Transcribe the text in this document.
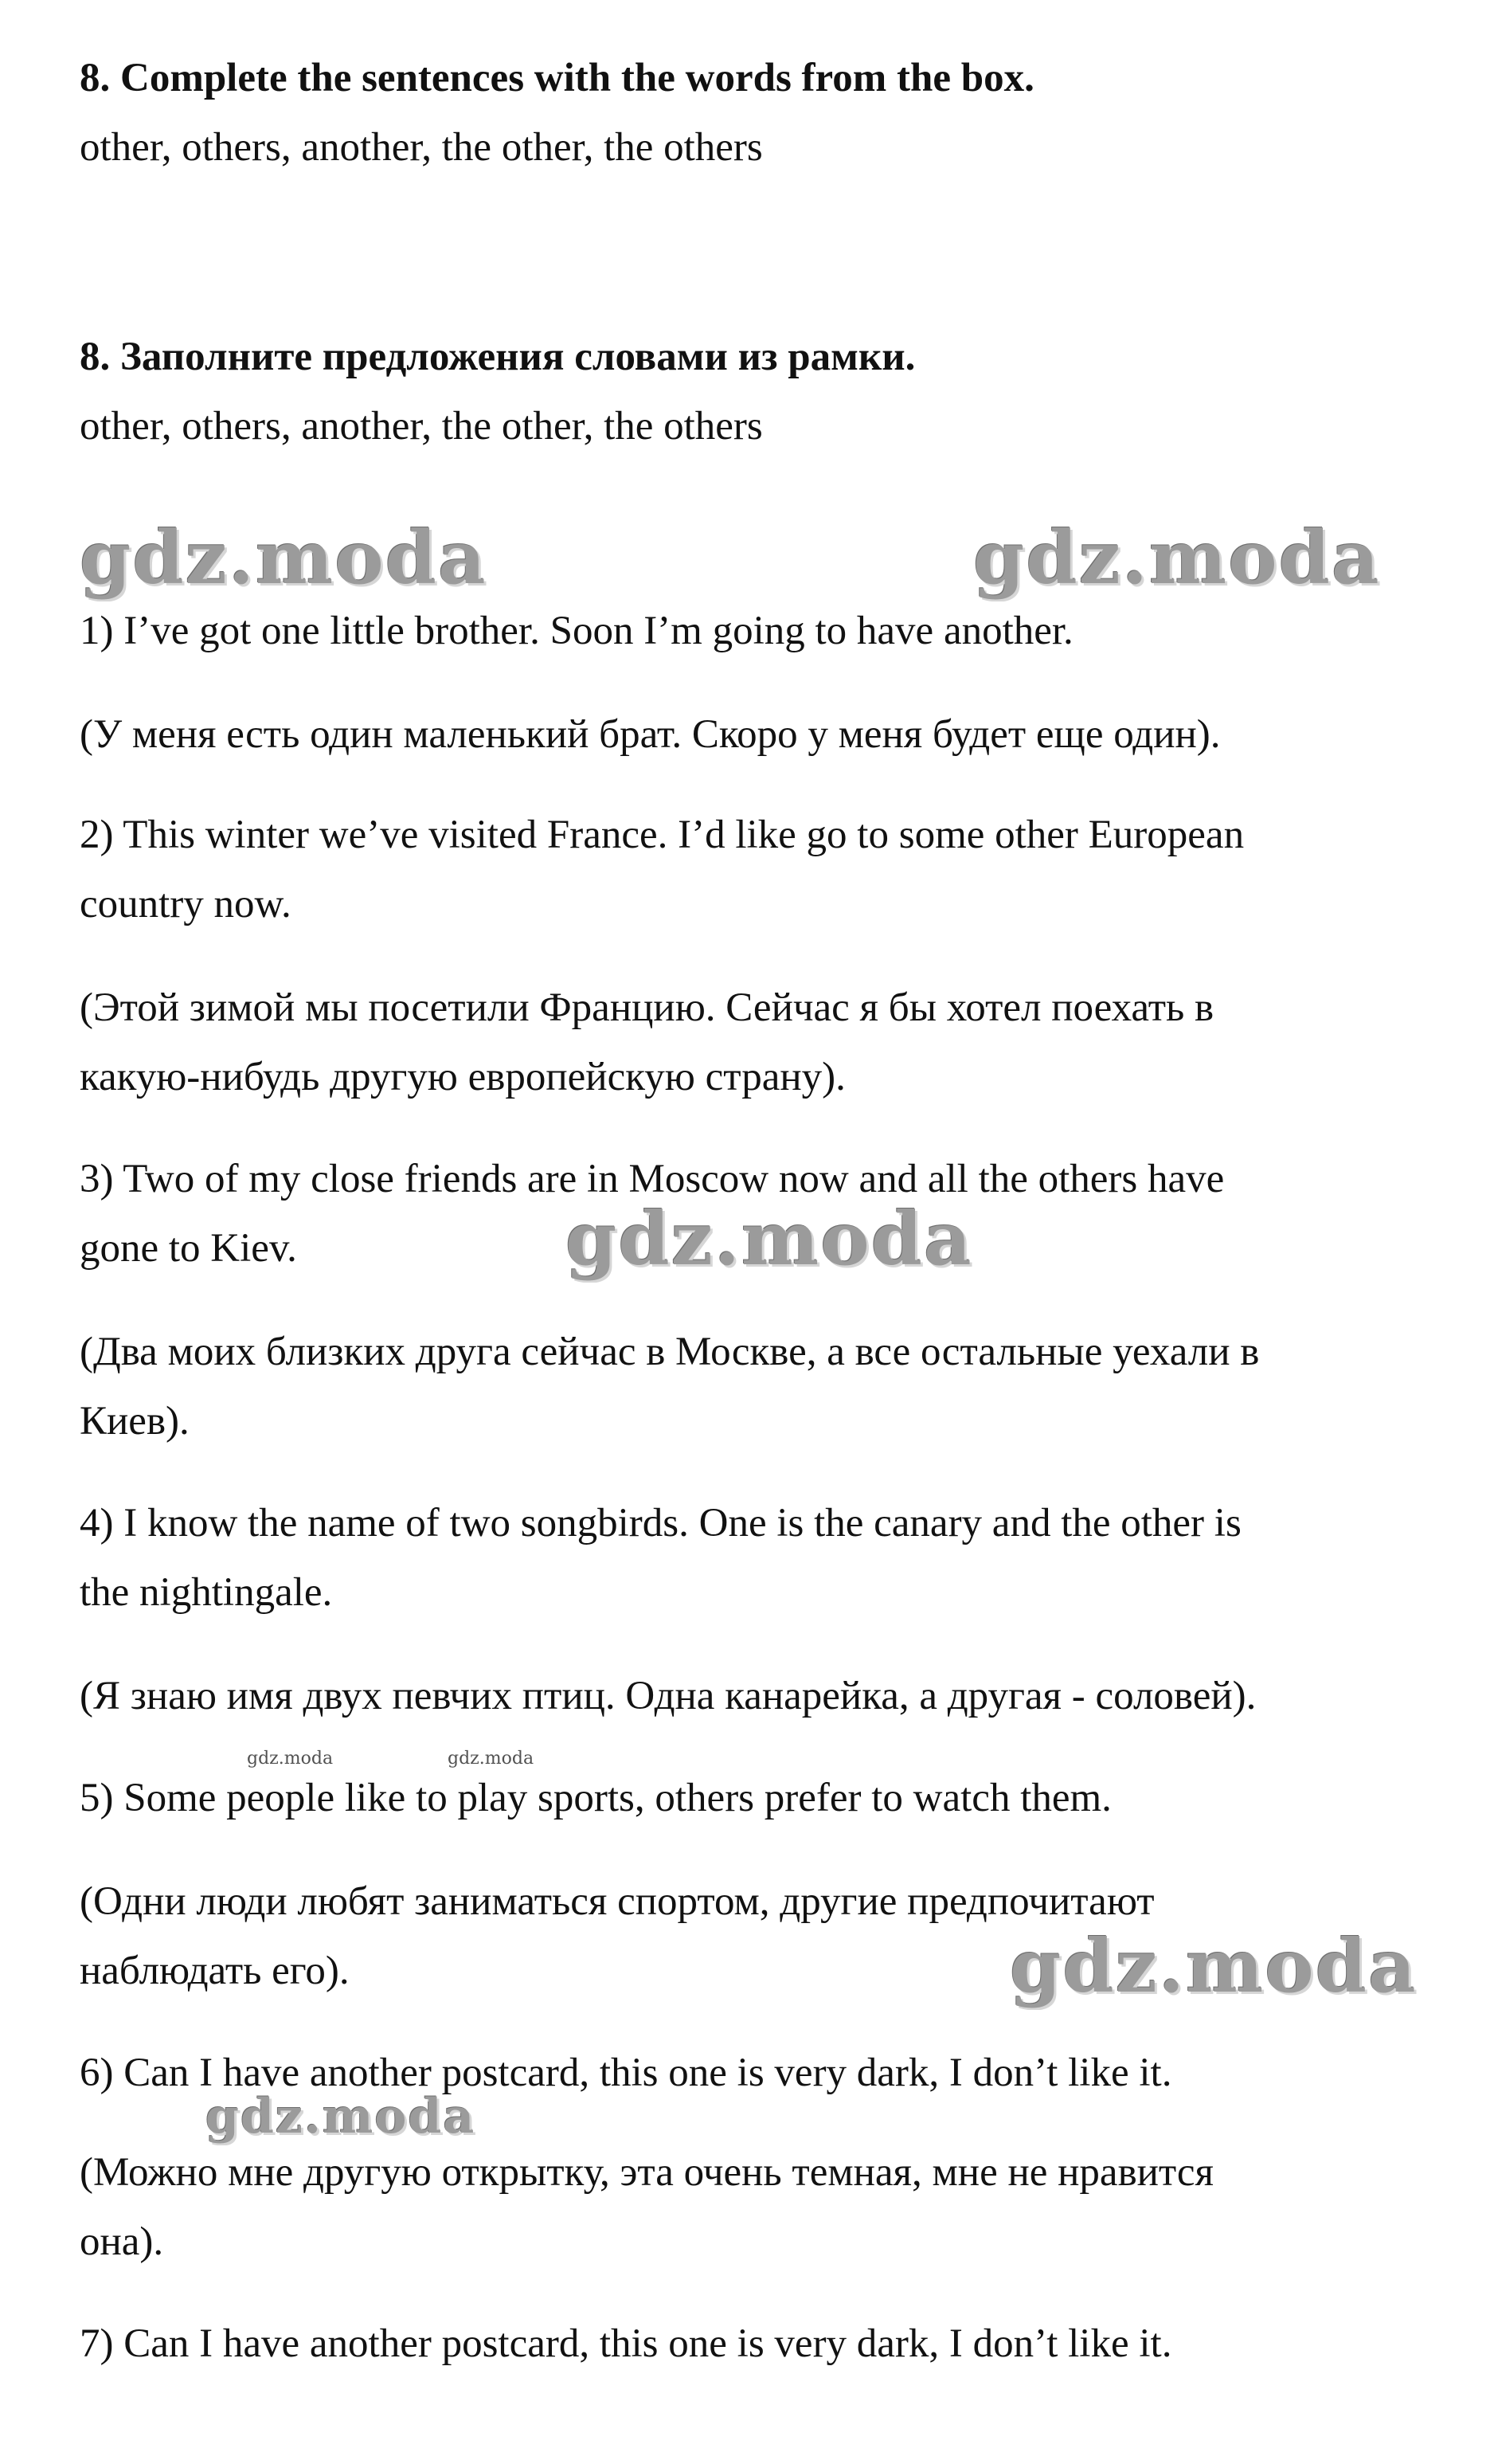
8. Complete the sentences with the words from the box.
other, others, another, the other, the others
8. Заполните предложения словами из рамки.
other, others, another, the other, the others
gdz.moda	gdz.moda
1) I’ve got one little brother. Soon I’m going to have another.
(У меня есть один маленький брат. Скоро у меня будет еще один).
2) This winter we’ve visited France. I’d like go to some other European
country now.
(Этой зимой мы посетили Францию. Сейчас я бы хотел поехать в
какую-нибудь другую европейскую страну).
3) Two of my close friends are in Moscow now and all the others have
gone to Kiev.	gdz.moda
(Два моих близких друга сейчас в Москве, а все остальные уехали в
Киев).
4) I know the name of two songbirds. One is the canary and the other is
the nightingale.
(Я знаю имя двух певчих птиц. Одна канарейка, а другая - соловей).
gdz.moda	gdz.moda
5) Some people like to play sports, others prefer to watch them.
(Одни люди любят заниматься спортом, другие предпочитают
наблюдать его).	gdz.moda
6) Can I have another postcard, this one is very dark, I don’t like it.
gdz.moda
(Можно мне другую открытку, эта очень темная, мне не нравится
она).
7) Can I have another postcard, this one is very dark, I don’t like it.
